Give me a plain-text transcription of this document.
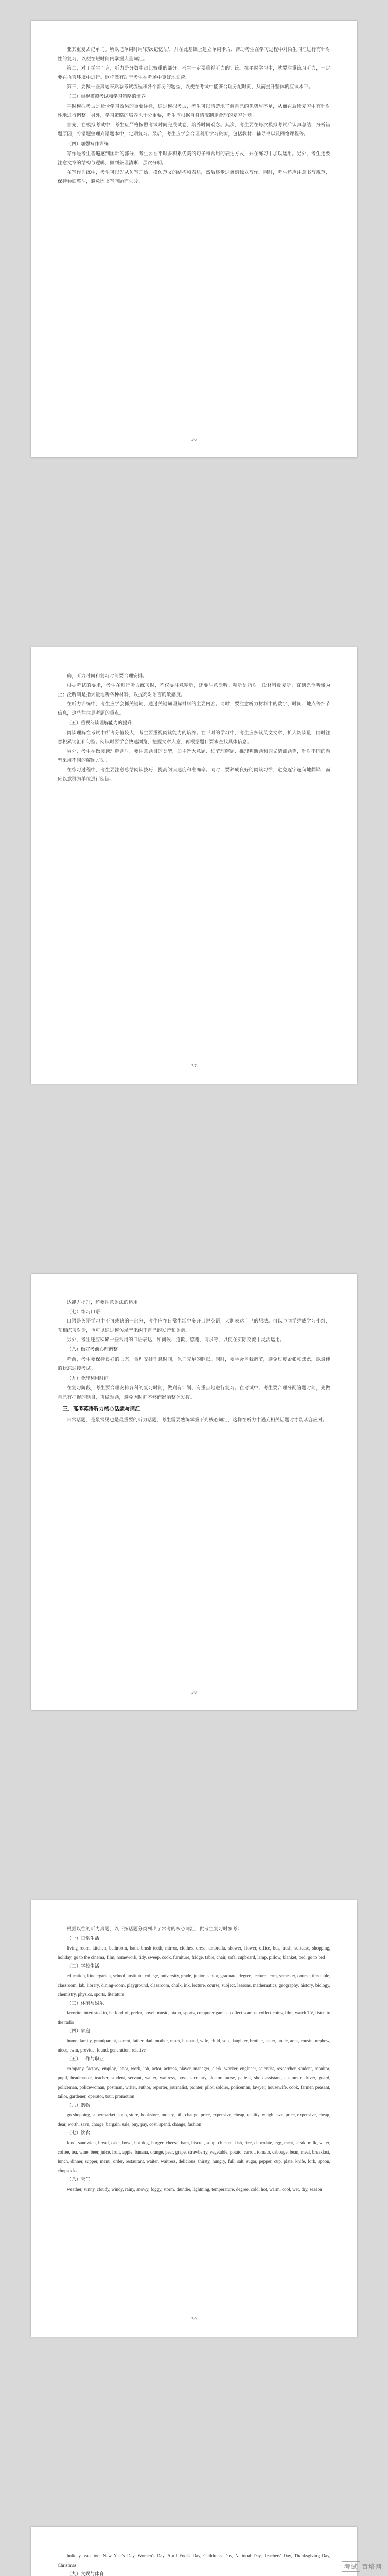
亚其重复去记单词。所以记单词时用'初次记忆法'，并在此基础上建立单词卡片，帮助考生在学习过程中对陌生词汇进行有针对性的复习，以便在短时间内掌握大量词汇。

第二，对于学生而言，听力是分数中占比较重的部分，考生一定要重视听力的训练。在平时学习中，就要注重练习听力，一定要在语言环境中进行。这样做有助于考生在考场中更好地适应。

第三，要做一些真题来熟悉考试流程和各个部分的题型，以便在考试中能够合理分配时间，从而提升整体的应试水平。

（三）重视模拟考试和学习策略的培养

平时模拟考试是检验学习效果的重要途径，通过模拟考试，考生可以清楚地了解自己的优势与不足，从而在后续复习中有针对性地进行调整。另外，学习策略的培养也十分重要，考生应根据自身情况制定合理的复习计划。

首先，在模拟考试中，考生应严格按照考试时间完成试卷，培养时间观念。其次，考生要在每次模拟考试后认真总结，分析错题原因，将错题整理到错题本中，定期复习。最后，考生应学会合理利用学习资源，包括教材、辅导书以及网络课程等。

（四）加强写作训练

写作是考生普遍感到困难的部分，考生要在平时多积累优美的句子和常用的表达方式，并在练习中加以运用。另外，考生还要注意文章的结构与逻辑，做到条理清晰、层次分明。

在写作训练中，考生可以先从仿写开始，模仿范文的结构和表达，然后逐步过渡到独立写作。同时，考生还应注意书写规范，保持卷面整洁，避免因书写问题而失分。

36

确，听力时间和复习时间要合理安排。

根据考试的要求，考生在进行听力练习时，不仅要注意精听，还要注意泛听。精听是指对一段材料反复听，直到完全听懂为止；泛听则是指大量地听各种材料，以提高对语言的敏感度。

在听力训练中，考生应学会抓关键词，通过关键词理解材料的主要内容。同时，要注意听力材料中的数字、时间、地点等细节信息，这些往往是考题的重点。

（五）重视阅读理解能力的提升

阅读理解在考试中所占分值较大，考生要重视阅读能力的培养。在平时的学习中，考生应多读英文文章，扩大阅读量，同时注意积累词汇和句型。阅读时要学会快速浏览，把握文章大意，再根据题目要求查找具体信息。

另外，考生在做阅读理解题时，要注意题目的类型，如主旨大意题、细节理解题、推理判断题和词义猜测题等，针对不同的题型采用不同的解题方法。

在练习过程中，考生要注意总结阅读技巧，提高阅读速度和准确率。同时，要养成良好的阅读习惯，避免逐字逐句地翻译，而应以意群为单位进行阅读。

37

达能力提升，还要注意语法的运用。

（七）练习口语

口语是英语学习中不可或缺的一部分，考生应在日常生活中多开口说英语，大胆表达自己的想法。可以与同学结成学习小组，互相练习对话，也可以通过模仿录音来纠正自己的发音和语调。

另外，考生还应积累一些常用的口语表达，如问候、道歉、感谢、请求等，以便在实际交流中灵活运用。

（八）做好考前心理调整

考前，考生要保持良好的心态，合理安排作息时间，保证充足的睡眠。同时，要学会自我调节，避免过度紧张和焦虑，以最佳的状态迎接考试。

（九）合理利用时间

在复习阶段，考生要合理安排各科的复习时间，做到有计划、有重点地进行复习。在考试中，考生要合理分配答题时间，先做自己有把握的题目，再做难题，避免因时间不够而影响整体发挥。

三、高考英语听力核心话题与词汇

日常话题，是最常见也是最重要的听力话题，考生需要熟练掌握下列核心词汇，这样在听力中遇到相关话题时才能从容应对。

38

根据以往的听力真题，以下按话题分类列出了常考的核心词汇，供考生复习时参考：

（一）日常生活
living room, kitchen, bathroom, bath, brush teeth, mirror, clothes, dress, umbrella, shower, flower, office, bus, trash, suitcase, shopping, holiday, go to the cinema, film, homework, tidy, sweep, cook, furniture, fridge, table, chair, sofa, cupboard, lamp, pillow, blanket, bed, go to bed
（二）学校生活
education, kindergarten, school, institute, college, university, grade, junior, senior, graduate, degree, lecture, term, semester, course, timetable, classroom, lab, library, dining-room, playground, classroom, chalk, ink, lecture, course, subject, lessons, mathematics, geography, history, biology, chemistry, physics, sports, literature
（三）休闲与娱乐
favorite, interested in, be fond of, prefer, novel, music, piano, sports, computer games, collect stamps, collect coins, film, watch TV, listen to the radio
（四）家庭
home, family, grandparent, parent, father, dad, mother, mum, husband, wife, child, son, daughter, brother, sister, uncle, aunt, cousin, nephew, niece, twin, provide, found, generation, relative
（五）工作与职业
company, factory, employ, labor, work, job, actor, actress, player, manager, clerk, worker, engineer, scientist, researcher, student, monitor, pupil, headmaster, teacher, student, servant, waiter, waitress, boss, secretary, doctor, nurse, patient, shop assistant, customer, driver, guard, policeman, policewoman, postman, writer, author, reporter, journalist, painter, pilot, soldier, policeman, lawyer, housewife, cook, farmer, peasant, tailor, gardener, operator, tour, promotion
（六）购物
go shopping, supermarket, shop, store, bookstore, money, bill, change, price, expensive, cheap, quality, weigh, size, price, expensive, cheap, dear, worth, save, charge, bargain, sale, buy, pay, cost, spend, change, fashion
（七）饮食
food, sandwich, bread, cake, bowl, hot dog, burger, cheese, ham, biscuit, soup, chicken, fish, rice, chocolate, egg, meat, steak, milk, water, coffee, tea, wine, beer, juice, fruit, apple, banana, orange, pear, grape, strawberry, vegetable, potato, carrot, tomato, cabbage, bean, meal, breakfast, lunch, dinner, supper, menu, order, restaurant, waiter, waitress, delicious, thirsty, hungry, full, salt, sugar, pepper, cup, plate, knife, fork, spoon, chopsticks
（八）天气
weather, sunny, cloudy, windy, rainy, snowy, foggy, storm, thunder, lightning, temperature, degree, cold, hot, warm, cool, wet, dry, season
39
holiday, vacation, New Year's Day, Women's Day, April Fool's Day, Children's Day, National Day, Teachers' Day, Thanksgiving Day, Christmas
（九）文娱与体育
考试 百培网
